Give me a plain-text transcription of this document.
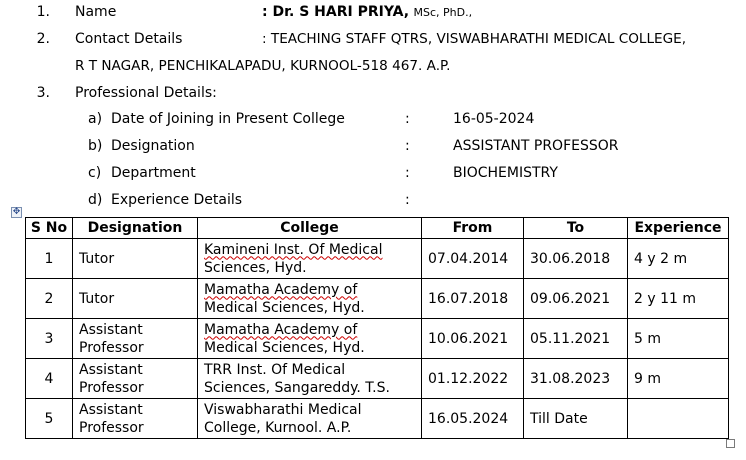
1. Name	: Dr. S HARI PRIYA, MSc, PhD.,
2. Contact Details	: TEACHING STAFF QTRS, VISWABHARATHI MEDICAL COLLEGE,
R T NAGAR, PENCHIKALAPADU, KURNOOL-518 467. A.P.
3. Professional Details:
a) Date of Joining in Present College	:	16-05-2024
b) Designation	:	ASSISTANT PROFESSOR
c) Department	:	BIOCHEMISTRY
d) Experience Details	:
✥
S No	Designation	College	From	To	Experience
1	Tutor	Kamineni Inst. Of Medical
Sciences, Hyd.	07.04.2014	30.06.2018	4 y 2 m
2	Tutor	Mamatha Academy of
Medical Sciences, Hyd.	16.07.2018	09.06.2021	2 y 11 m
3	Assistant Professor	Mamatha Academy of
Medical Sciences, Hyd.	10.06.2021	05.11.2021	5 m
4	Assistant Professor	TRR Inst. Of Medical
Sciences, Sangareddy. T.S.	01.12.2022	31.08.2023	9 m
5	Assistant Professor	Viswabharathi Medical
College, Kurnool. A.P.	16.05.2024	Till Date	
